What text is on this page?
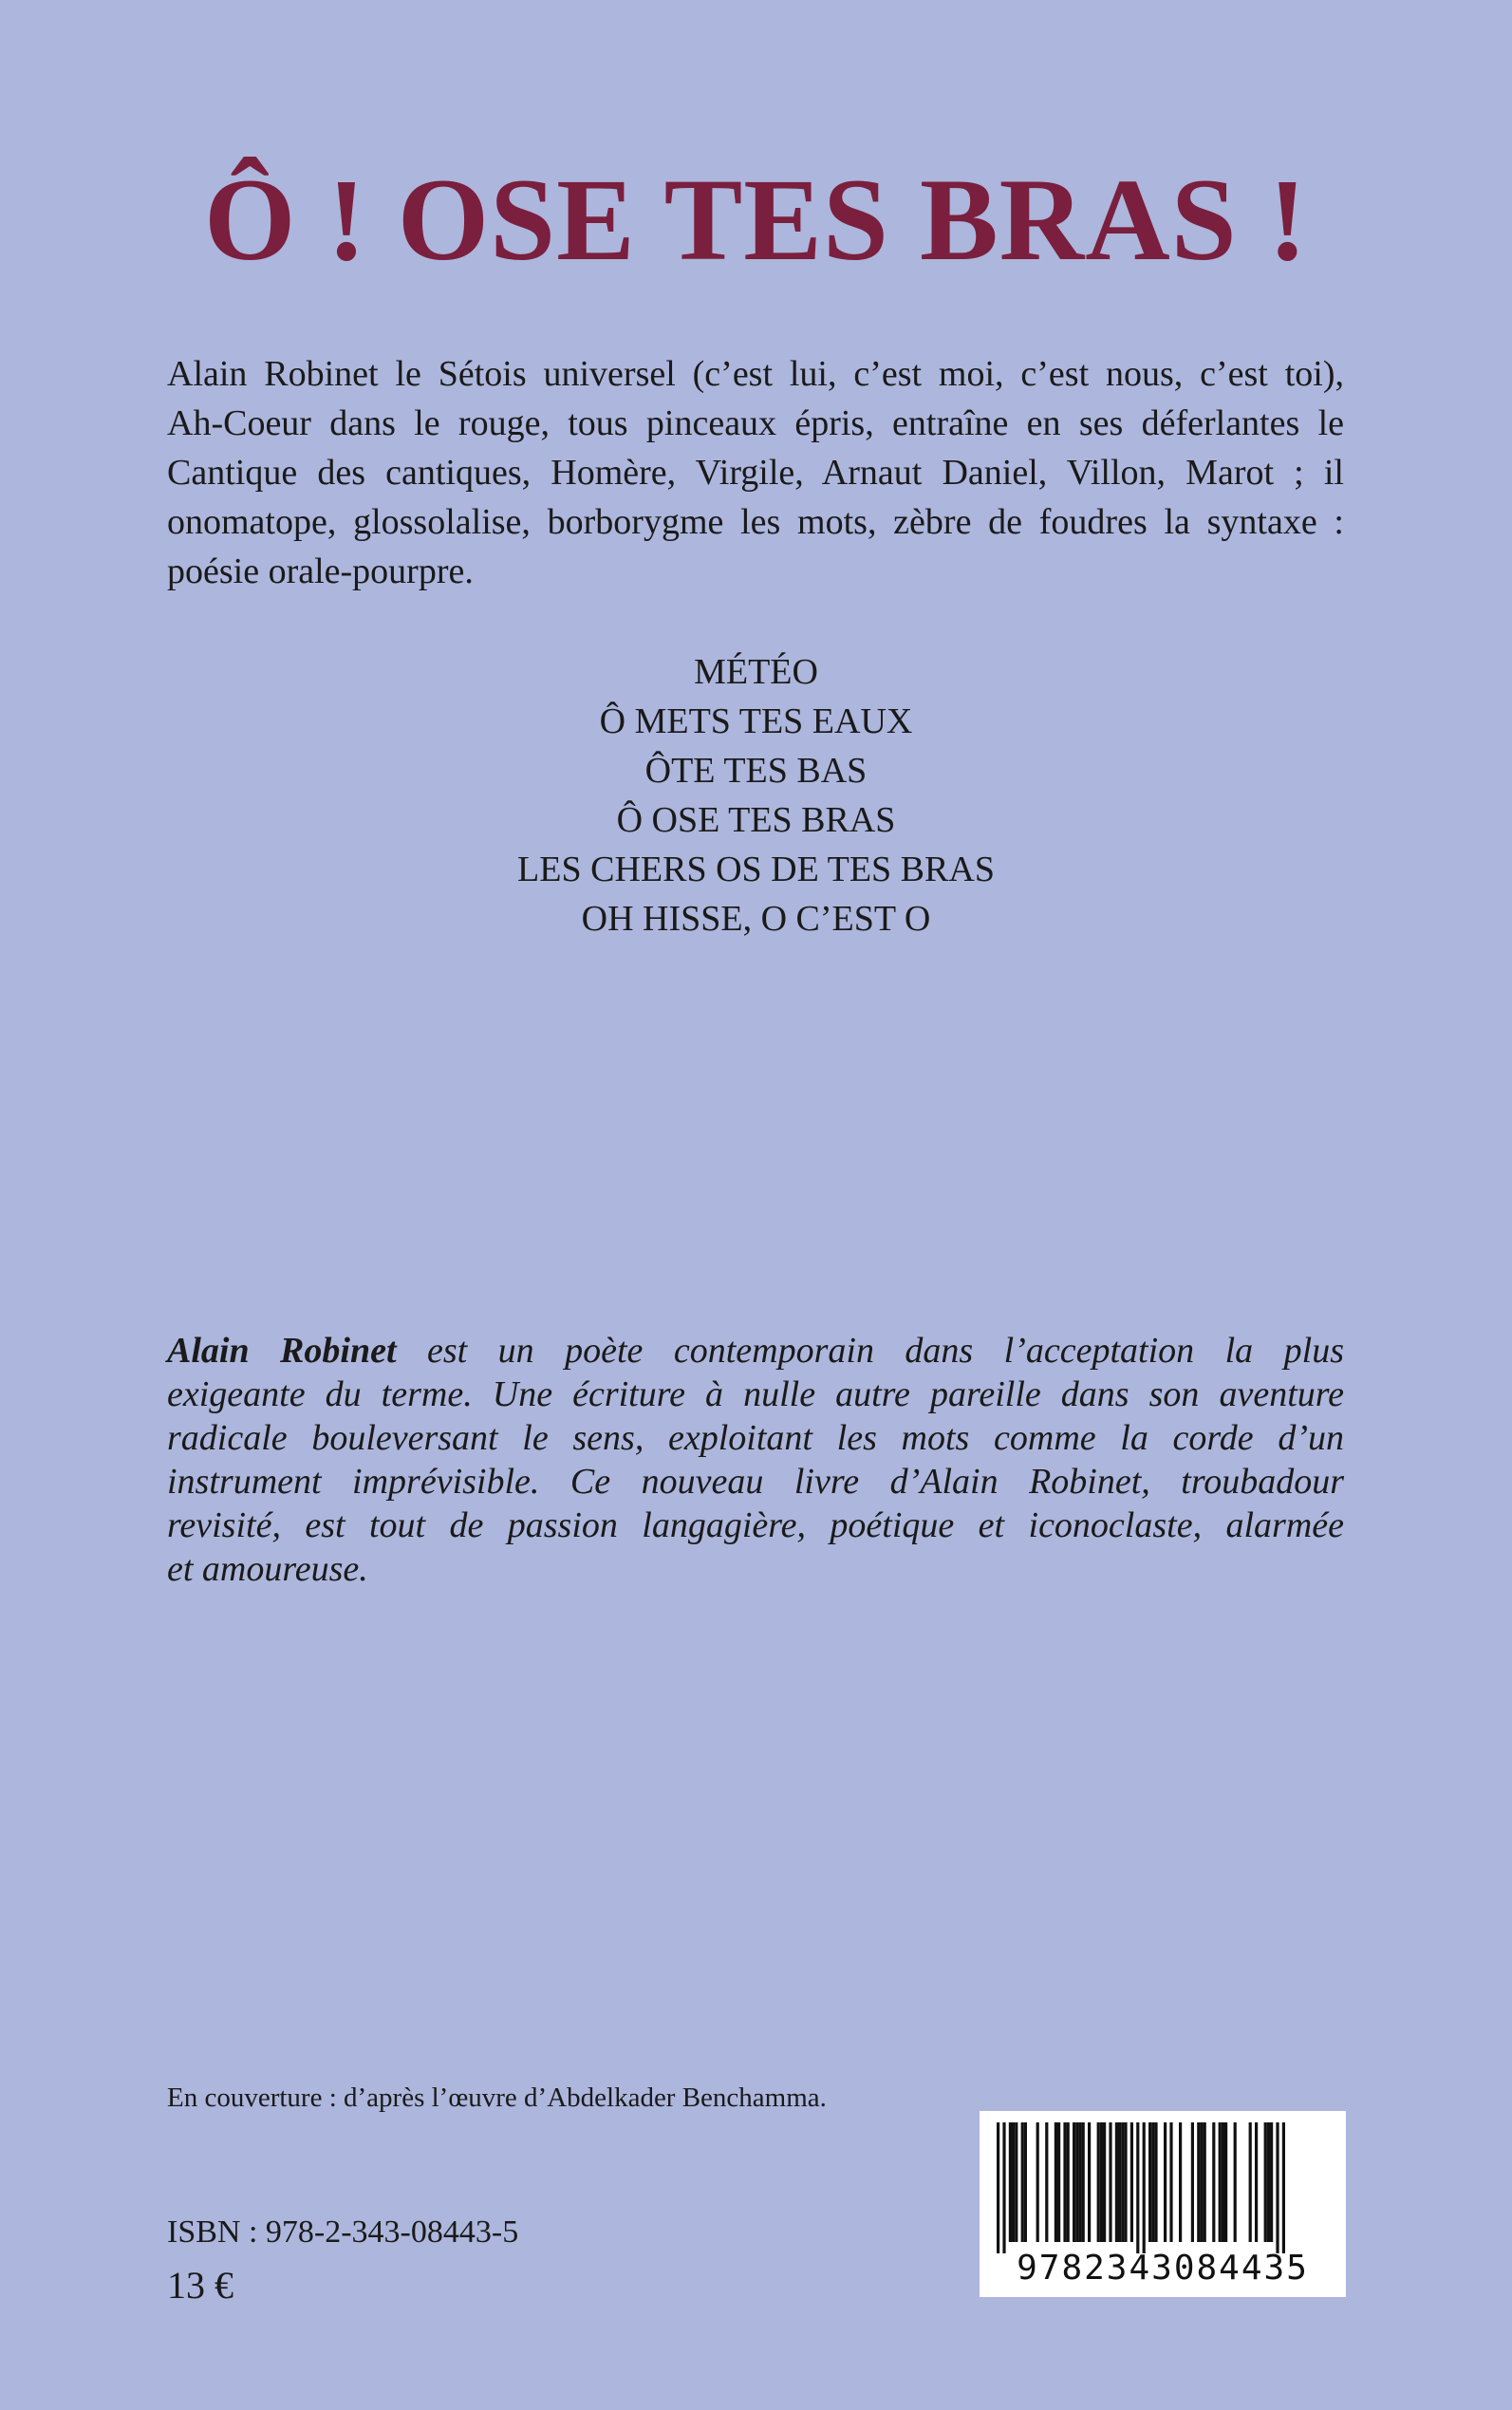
Ô ! OSE TES BRAS !
Alain Robinet le Sétois universel (c’est lui, c’est moi, c’est nous, c’est toi),
Ah-Coeur dans le rouge, tous pinceaux épris, entraîne en ses déferlantes le
Cantique des cantiques, Homère, Virgile, Arnaut Daniel, Villon, Marot ; il
onomatope, glossolalise, borborygme les mots, zèbre de foudres la syntaxe :
poésie orale-pourpre.
MÉTÉO
Ô METS TES EAUX
ÔTE TES BAS
Ô OSE TES BRAS
LES CHERS OS DE TES BRAS
OH HISSE, O C’EST O
Alain Robinet est un poète contemporain dans l’acceptation la plus
exigeante du terme. Une écriture à nulle autre pareille dans son aventure
radicale bouleversant le sens, exploitant les mots comme la corde d’un
instrument imprévisible. Ce nouveau livre d’Alain Robinet, troubadour
revisité, est tout de passion langagière, poétique et iconoclaste, alarmée
et amoureuse.
En couverture : d’après l’œuvre d’Abdelkader Benchamma.
ISBN : 978-2-343-08443-5
13 €	9782343084435
